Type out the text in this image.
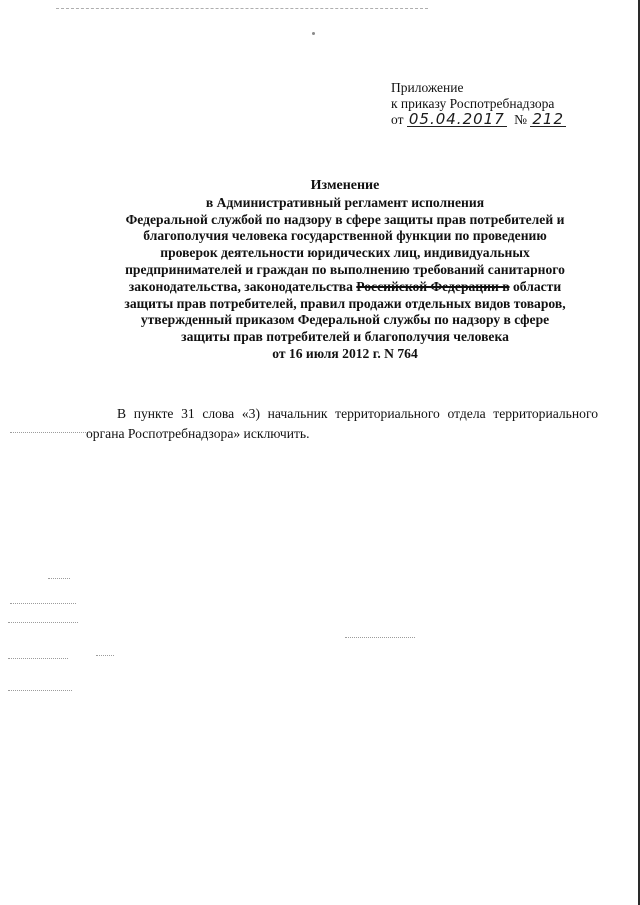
Приложение
к приказу Роспотребнадзора
от 05.04.2017 № 212
Изменение
в Административный регламент исполнения
Федеральной службой по надзору в сфере защиты прав потребителей и
благополучия человека государственной функции по проведению
проверок деятельности юридических лиц, индивидуальных
предпринимателей и граждан по выполнению требований санитарного
законодательства, законодательства Российской Федерации в области
защиты прав потребителей, правил продажи отдельных видов товаров,
утвержденный приказом Федеральной службы по надзору в сфере
защиты прав потребителей и благополучия человека
от 16 июля 2012 г. N 764

В пункте 31 слова «3) начальник территориального отдела территориального органа Роспотребнадзора» исключить.
